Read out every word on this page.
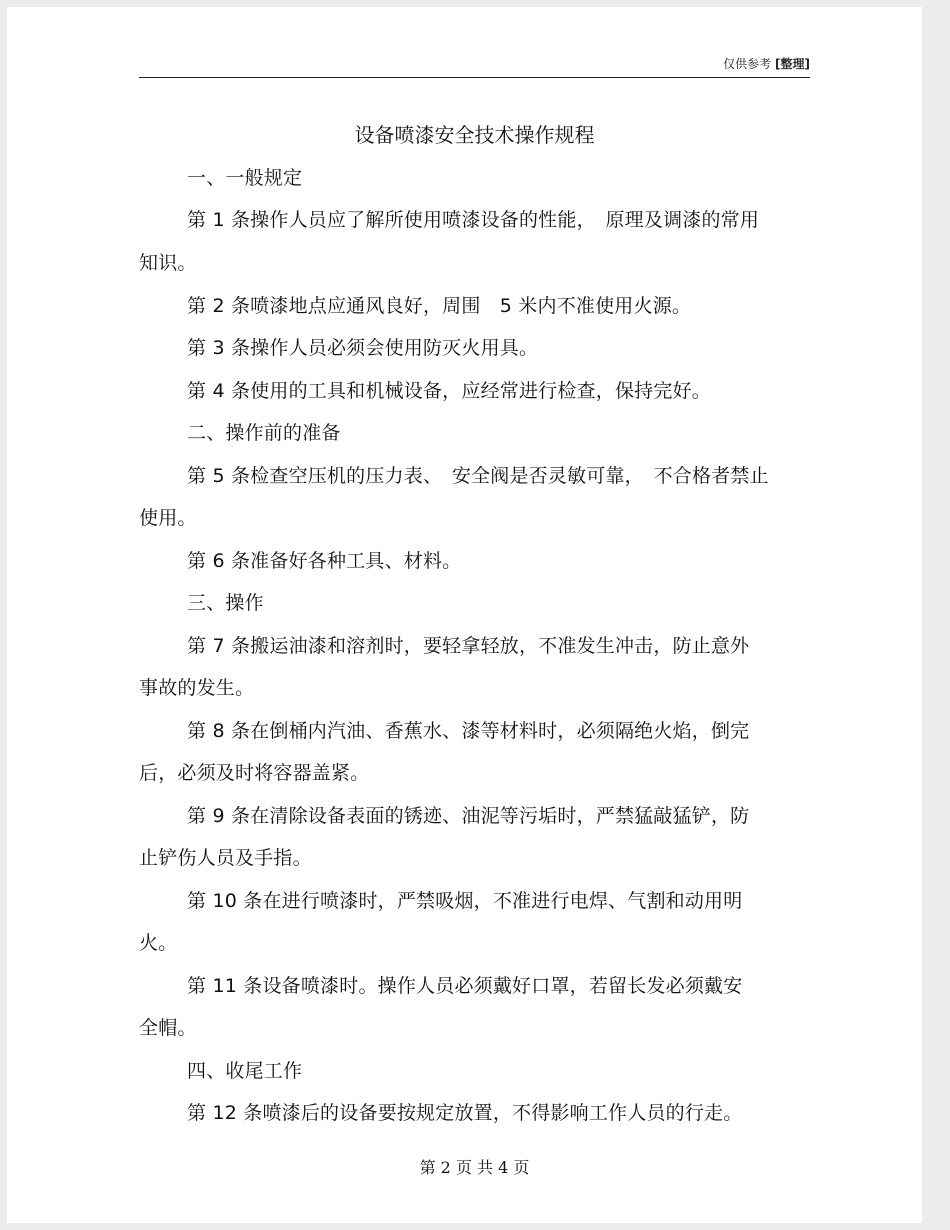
仅供参考 [整理]
设备喷漆安全技术操作规程
一、一般规定
第 1 条操作人员应了解所使用喷漆设备的性能，　原理及调漆的常用
知识。
第 2 条喷漆地点应通风良好，周围　5 米内不准使用火源。
第 3 条操作人员必须会使用防灭火用具。
第 4 条使用的工具和机械设备，应经常进行检查，保持完好。
二、操作前的准备
第 5 条检查空压机的压力表、　安全阀是否灵敏可靠，　不合格者禁止
使用。
第 6 条准备好各种工具、材料。
三、操作
第 7 条搬运油漆和溶剂时，要轻拿轻放，不准发生冲击，防止意外
事故的发生。
第 8 条在倒桶内汽油、香蕉水、漆等材料时，必须隔绝火焰，倒完
后，必须及时将容器盖紧。
第 9 条在清除设备表面的锈迹、油泥等污垢时，严禁猛敲猛铲，防
止铲伤人员及手指。
第 10 条在进行喷漆时，严禁吸烟，不准进行电焊、气割和动用明
火。
第 11 条设备喷漆时。操作人员必须戴好口罩，若留长发必须戴安
全帽。
四、收尾工作
第 12 条喷漆后的设备要按规定放置，不得影响工作人员的行走。
第 2 页 共 4 页
